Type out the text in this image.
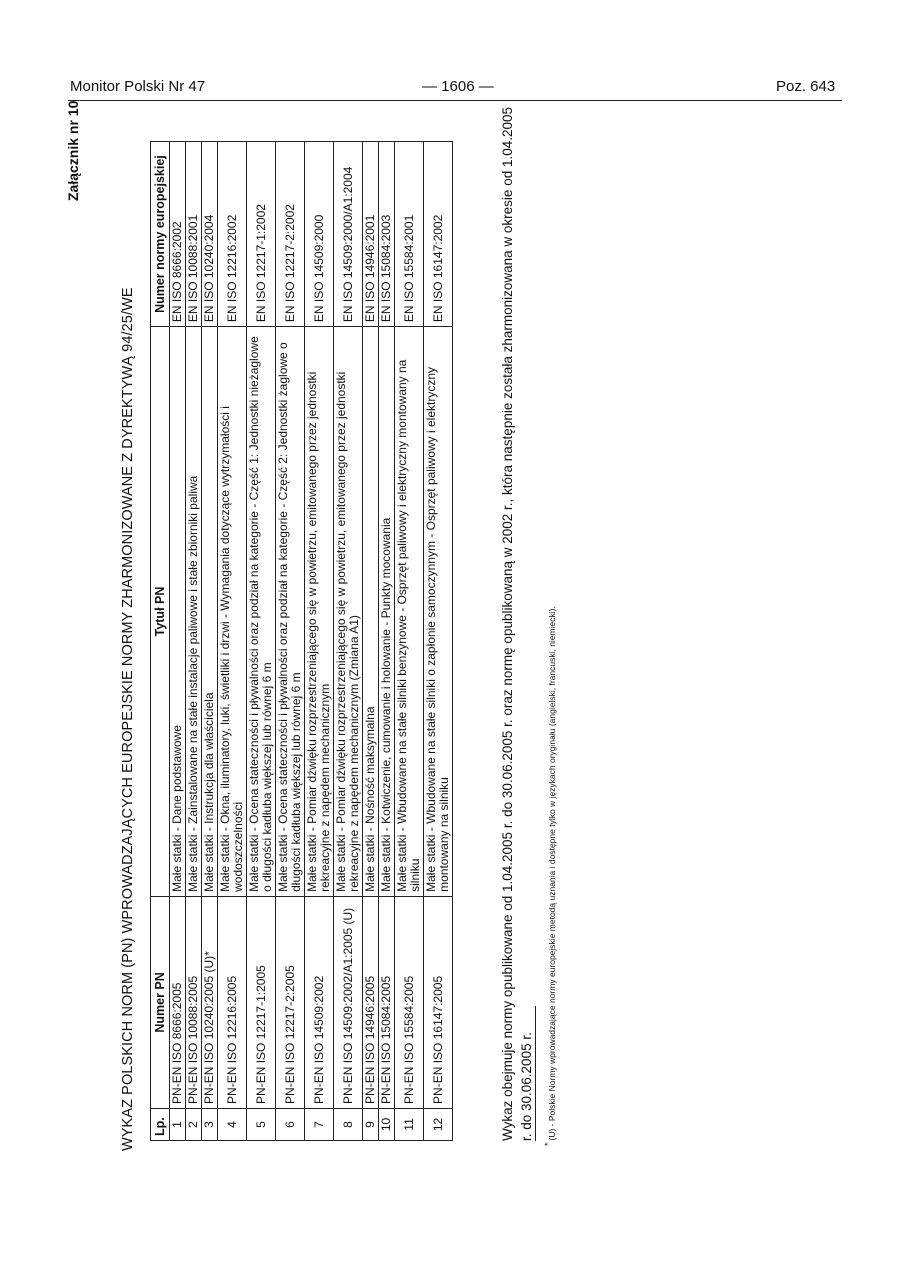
Monitor Polski Nr 47	— 1606 —	Poz. 643
Załącznik nr 10
WYKAZ POLSKICH NORM (PN) WPROWADZAJĄCYCH EUROPEJSKIE NORMY ZHARMONIZOWANE Z DYREKTYWĄ 94/25/WE Lp.	Numer PN	Tytuł PN	Numer normy europejskiej
1	PN-EN ISO 8666:2005	Małe statki - Dane podstawowe	EN ISO 8666:2002
2	PN-EN ISO 10088:2005	Małe statki - Zainstalowane na stałe instalacje paliwowe i stałe zbiorniki paliwa	EN ISO 10088:2001
3	PN-EN ISO 10240:2005 (U)*	Małe statki - Instrukcja dla właściciela	EN ISO 10240:2004
4	PN-EN ISO 12216:2005	Małe statki - Okna, iluminatory, luki, świetliki i drzwi - Wymagania dotyczące wytrzymałości i wodoszczelności	EN ISO 12216:2002
5	PN-EN ISO 12217-1:2005	Małe statki - Ocena stateczności i pływalności oraz podział na kategorie - Część 1: Jednostki nieżaglowe o długości kadłuba większej lub równej 6 m	EN ISO 12217-1:2002
6	PN-EN ISO 12217-2:2005	Małe statki - Ocena stateczności i pływalności oraz podział na kategorie - Część 2: Jednostki żaglowe o długości kadłuba większej lub równej 6 m	EN ISO 12217-2:2002
7	PN-EN ISO 14509:2002	Małe statki - Pomiar dźwięku rozprzestrzeniającego się w powietrzu, emitowanego przez jednostki rekreacyjne z napędem mechanicznym	EN ISO 14509:2000
8	PN-EN ISO 14509:2002/A1:2005 (U)	Małe statki - Pomiar dźwięku rozprzestrzeniającego się w powietrzu, emitowanego przez jednostki rekreacyjne z napędem mechanicznym (Zmiana A1)	EN ISO 14509:2000/A1:2004
9	PN-EN ISO 14946:2005	Małe statki - Nośność maksymalna	EN ISO 14946:2001
10	PN-EN ISO 15084:2005	Małe statki - Kotwiczenie, cumowanie i holowanie - Punkty mocowania	EN ISO 15084:2003
11	PN-EN ISO 15584:2005	Małe statki - Wbudowane na stałe silniki benzynowe - Osprzęt paliwowy i elektryczny montowany na silniku	EN ISO 15584:2001
12	PN-EN ISO 16147:2005	Małe statki - Wbudowane na stałe silniki o zapłonie samoczynnym - Osprzęt paliwowy i elektryczny montowany na silniku	EN ISO 16147:2002	Wykaz obejmuje normy opublikowane od 1.04.2005 r. do 30.06.2005 r. oraz normę opublikowaną w 2002 r., która następnie została zharmonizowana w okresie od 1.04.2005 r. do 30.06.2005 r.
*(U) - Polskie Normy wprowadzające normy europejskie metodą uznania i dostępne tylko w językach oryginału (angielski, francuski, niemiecki).
